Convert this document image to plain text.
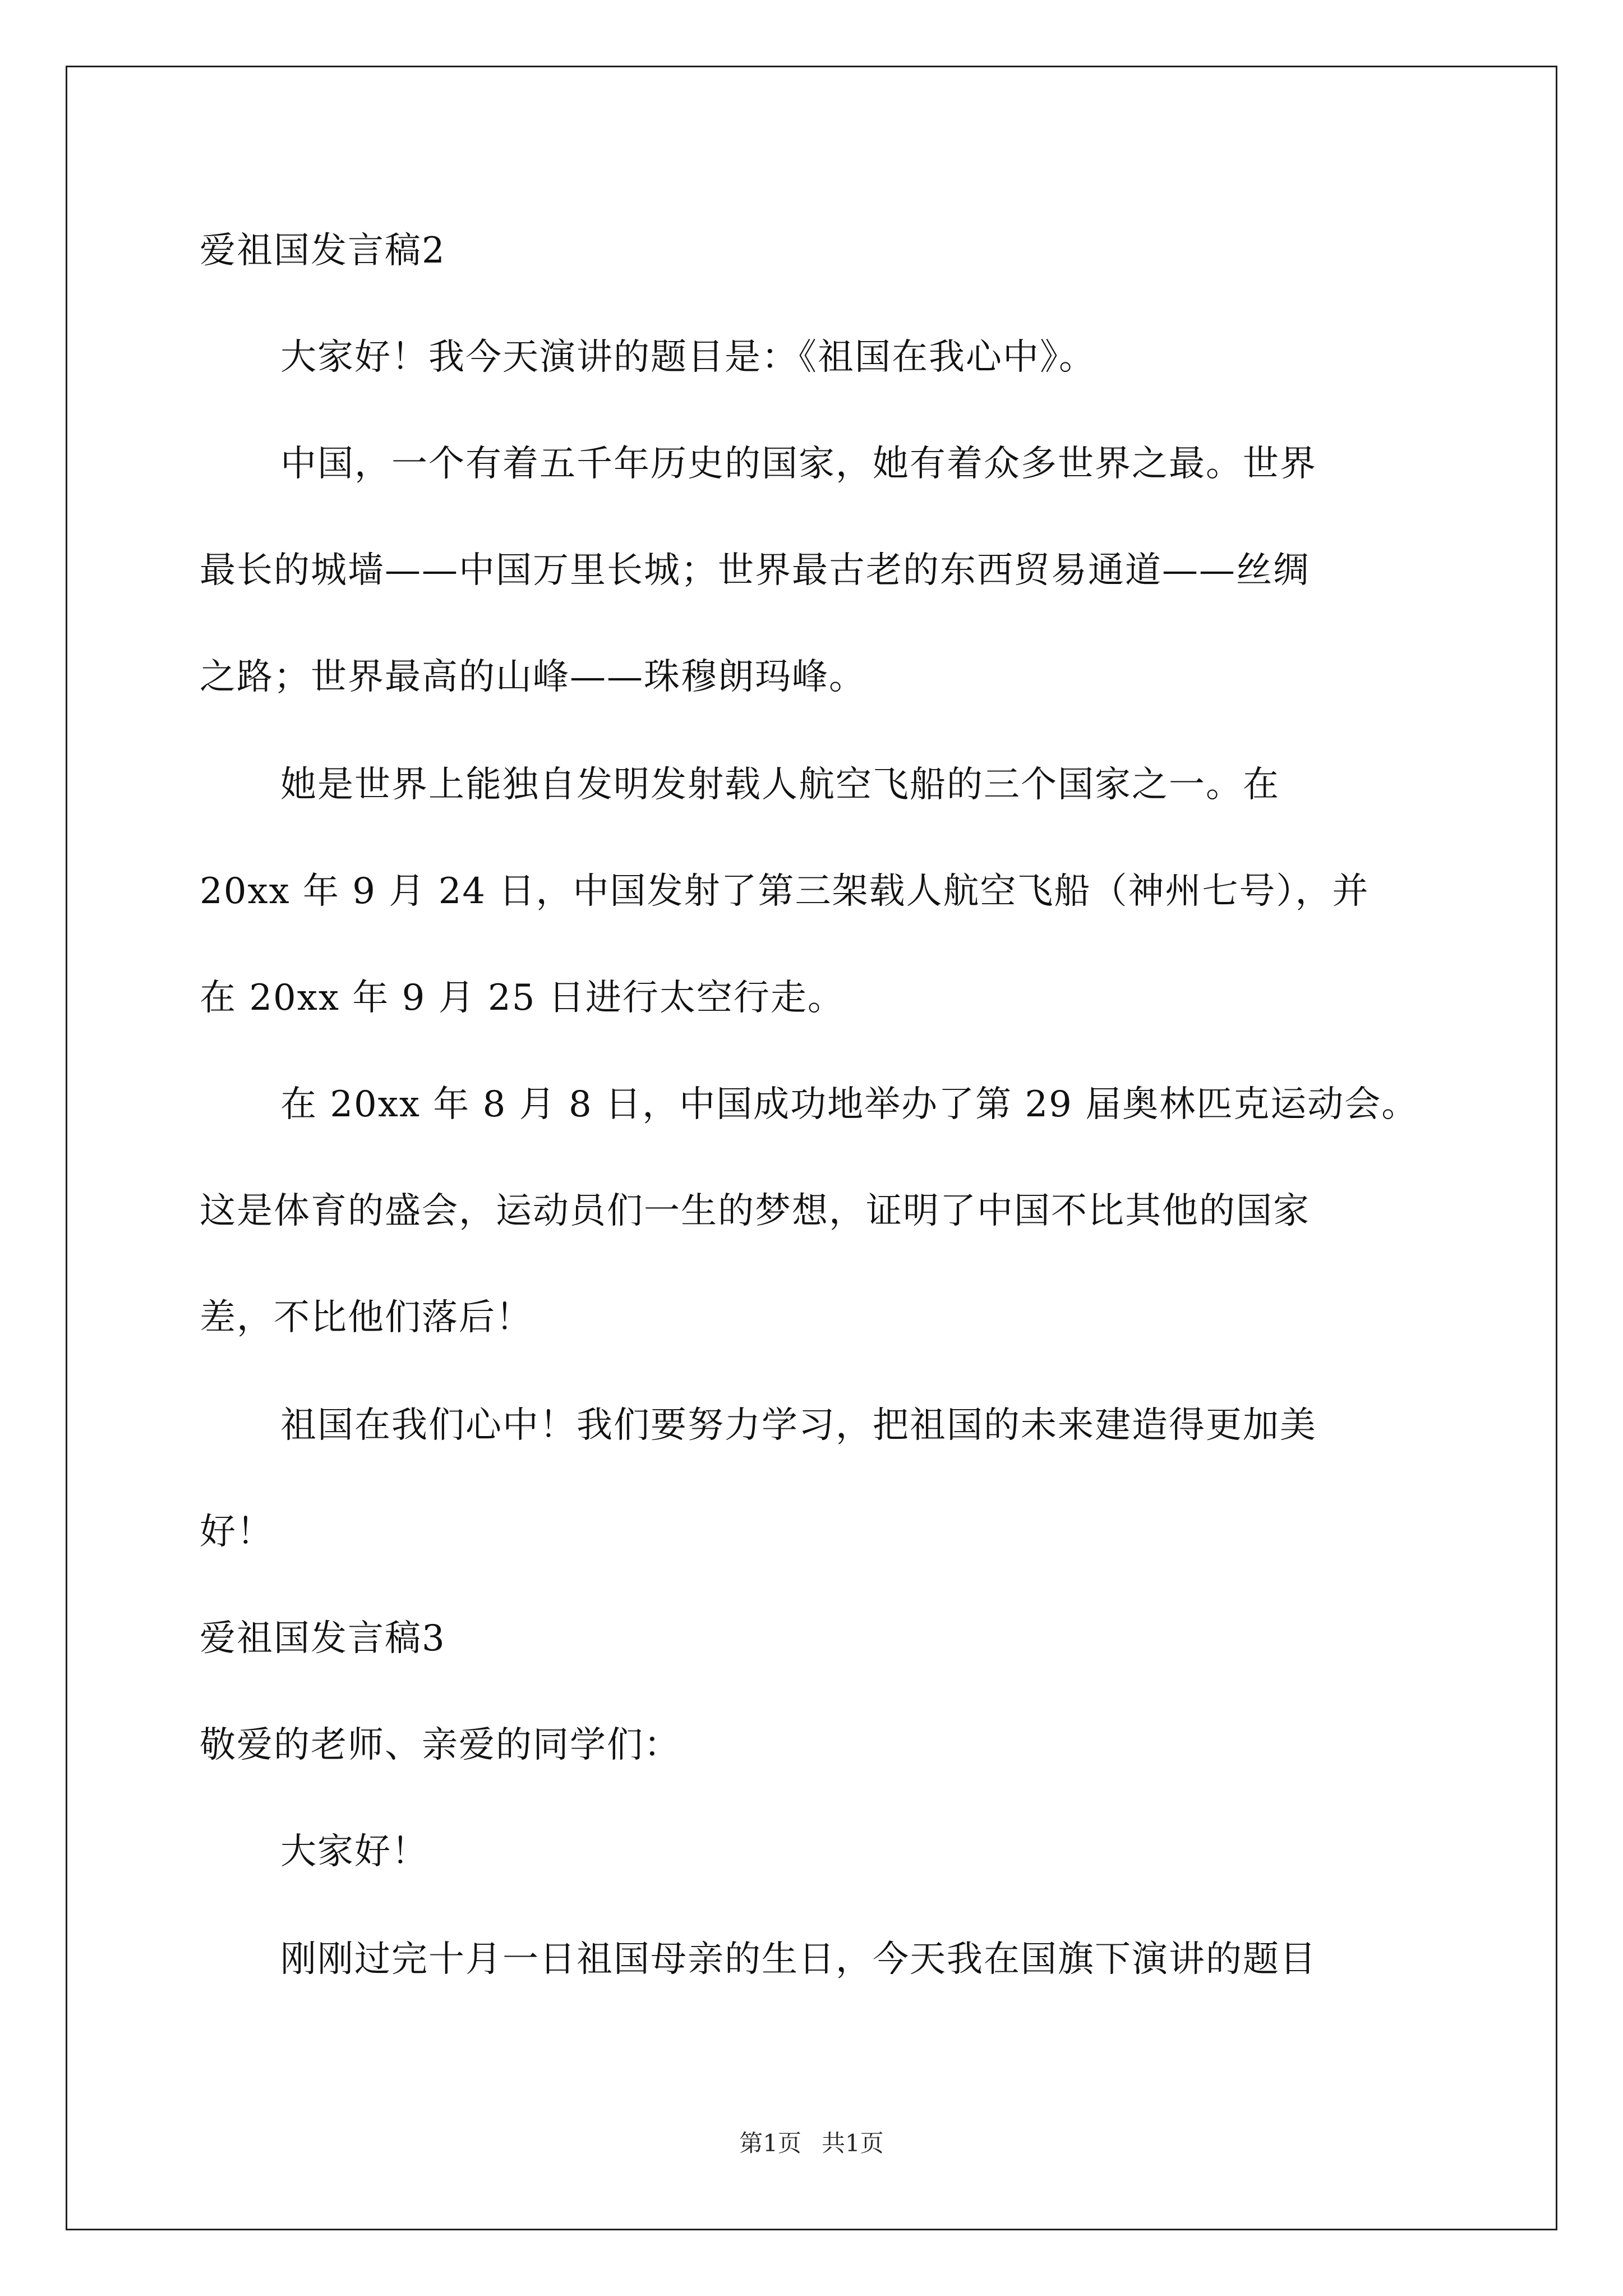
爱祖国发言稿2
大家好！我今天演讲的题目是：《祖国在我心中》。
中国，一个有着五千年历史的国家，她有着众多世界之最。世界
最长的城墙——中国万里长城；世界最古老的东西贸易通道——丝绸
之路；世界最高的山峰——珠穆朗玛峰。
她是世界上能独自发明发射载人航空飞船的三个国家之一。在
20xx 年 9 月 24 日，中国发射了第三架载人航空飞船（神州七号），并
在 20xx 年 9 月 25 日进行太空行走。
在 20xx 年 8 月 8 日，中国成功地举办了第 29 届奥林匹克运动会。
这是体育的盛会，运动员们一生的梦想，证明了中国不比其他的国家
差，不比他们落后！
祖国在我们心中！我们要努力学习，把祖国的未来建造得更加美
好！
爱祖国发言稿3
敬爱的老师、亲爱的同学们：
大家好！
刚刚过完十月一日祖国母亲的生日，今天我在国旗下演讲的题目
第1页 共1页
